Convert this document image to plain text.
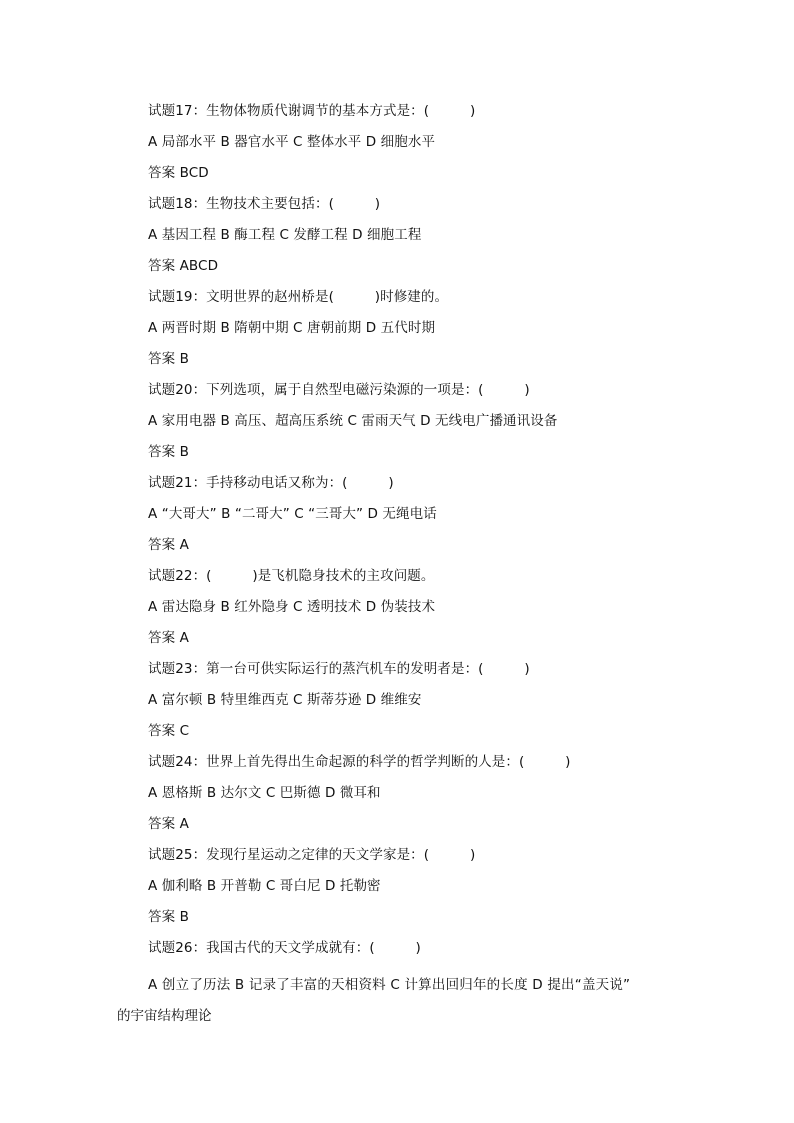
试题17：生物体物质代谢调节的基本方式是：(　　　)
A 局部水平 B 器官水平 C 整体水平 D 细胞水平
答案 BCD
试题18：生物技术主要包括：(　　　)
A 基因工程 B 酶工程 C 发酵工程 D 细胞工程
答案 ABCD
试题19：文明世界的赵州桥是(　　　)时修建的。
A 两晋时期 B 隋朝中期 C 唐朝前期 D 五代时期
答案 B
试题20：下列选项，属于自然型电磁污染源的一项是：(　　　)
A 家用电器 B 高压、超高压系统 C 雷雨天气 D 无线电广播通讯设备
答案 B
试题21：手持移动电话又称为：(　　　)
A “大哥大” B “二哥大” C “三哥大” D 无绳电话
答案 A
试题22：(　　　)是飞机隐身技术的主攻问题。
A 雷达隐身 B 红外隐身 C 透明技术 D 伪装技术
答案 A
试题23：第一台可供实际运行的蒸汽机车的发明者是：(　　　)
A 富尔顿 B 特里维西克 C 斯蒂芬逊 D 维维安
答案 C
试题24：世界上首先得出生命起源的科学的哲学判断的人是：(　　　)
A 恩格斯 B 达尔文 C 巴斯德 D 微耳和
答案 A
试题25：发现行星运动之定律的天文学家是：(　　　)
A 伽利略 B 开普勒 C 哥白尼 D 托勒密
答案 B
试题26：我国古代的天文学成就有：(　　　)
A 创立了历法 B 记录了丰富的天相资料 C 计算出回归年的长度 D 提出“盖天说”
的宇宙结构理论
